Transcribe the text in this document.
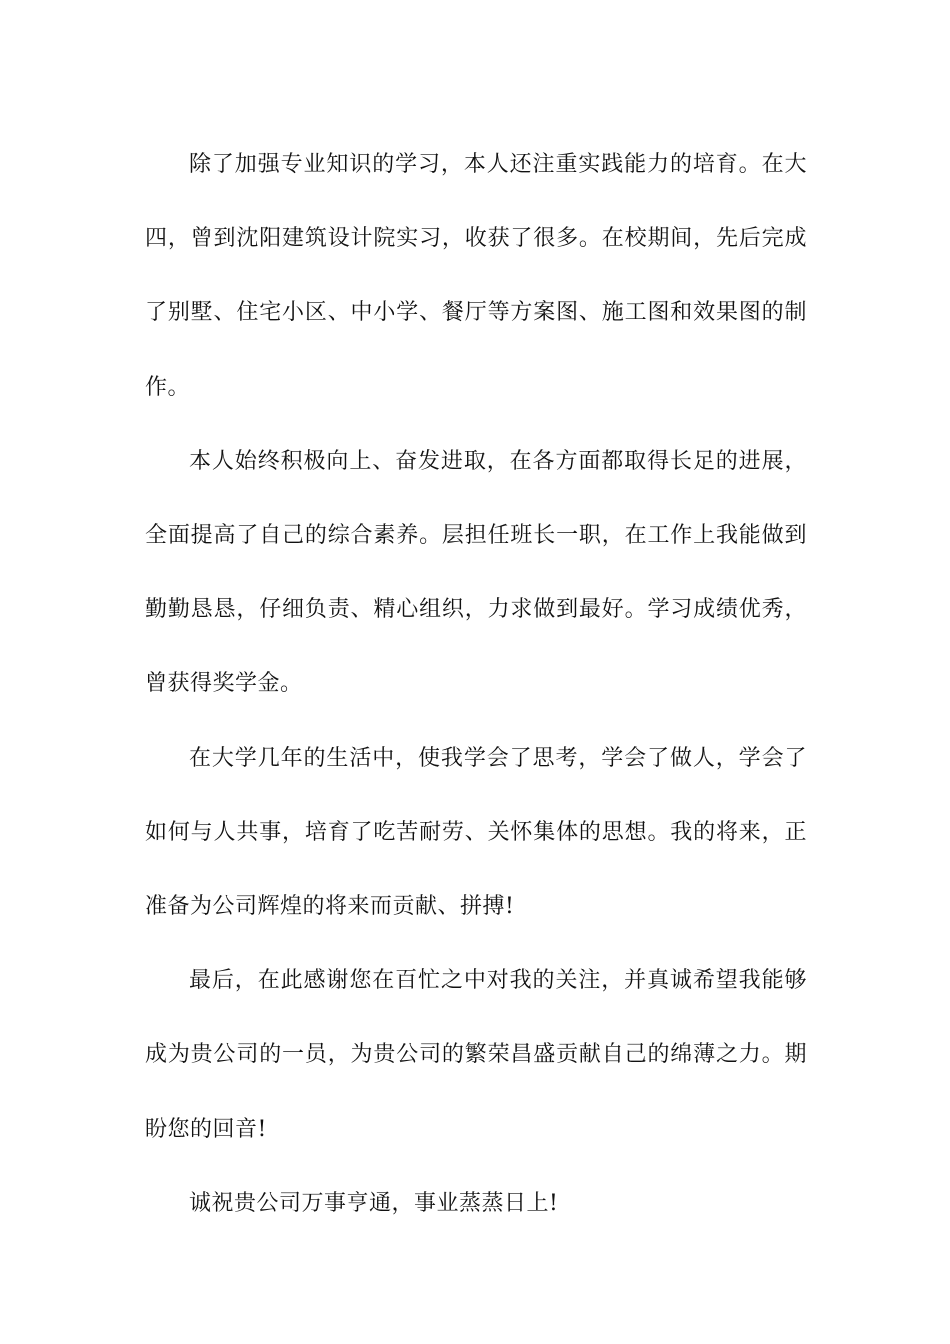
除了加强专业知识的学习，本人还注重实践能力的培育。在大
四，曾到沈阳建筑设计院实习，收获了很多。在校期间，先后完成
了别墅、住宅小区、中小学、餐厅等方案图、施工图和效果图的制
作。
本人始终积极向上、奋发进取，在各方面都取得长足的进展，
全面提高了自己的综合素养。层担任班长一职，在工作上我能做到
勤勤恳恳，仔细负责、精心组织，力求做到最好。学习成绩优秀，
曾获得奖学金。
在大学几年的生活中，使我学会了思考，学会了做人，学会了
如何与人共事，培育了吃苦耐劳、关怀集体的思想。我的将来，正
准备为公司辉煌的将来而贡献、拼搏!
最后，在此感谢您在百忙之中对我的关注，并真诚希望我能够
成为贵公司的一员，为贵公司的繁荣昌盛贡献自己的绵薄之力。期
盼您的回音!
诚祝贵公司万事亨通，事业蒸蒸日上!
